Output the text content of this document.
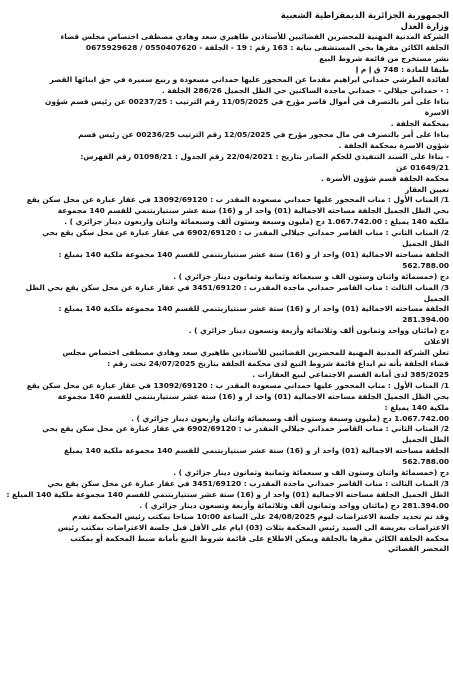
الجمهورية الجزائرية الديمقراطية الشعبية
وزارة العدل
الشركة المدنية المهنية للمحضرين القضائيين للأستاذين طاهيري سعد وهادي مصطفى اختصاص مجلس قضاء
الجلفة الكائن مقرها بحي المستشفى بناية : 163 رقم : 19 - الجلفة - 0550407620 / 0675929628
نشر مستخرج من قائمة شروط البيع
طبقا للمادة : 748 ق إ م إ
لفائدة الطرشي حمداني ابراهيم مقدما عن المحجور عليها حمداني مسعودة و ربيع سميرة في حق ابنائها القصر
: - حمداني جيلالي - حمداني ماجدة الساكنين حي الظل الجميل 286/26 الجلفة .
بناءا على أمر بالتصرف في أموال قاصر مؤرخ في 11/05/2025 رقم الترتيب : 00237/25 عن رئيس قسم شؤون
الاسرة
بمحكمة الجلفة .
بناءا على أمر بالتصرف في مال محجور مؤرخ في 12/05/2025 رقم الترتيب 00236/25 عن رئيس قسم
شؤون الاسرة بمحكمة الجلفة .
- بناءا على السند التنفيذي للحكم الصادر بتاريخ : 22/04/2021 رقم الجدول : 01098/21 رقم الفهرس:
01649/21 عن
محكمة الجلفة قسم شؤون الأسرة .
تعيين العقار
1/ المناب الأول : مناب المحجور عليها حمداني مسعودة المقدر ب : 13092/69120 في عقار عبارة عن محل سكن يقع
بحي الظل الجميل الجلفة مساحته الاجمالية (01) واحد ار و (16) ستة عشر سنتياربتنمي للقسم 140 مجموعة
ملكية 140 يمبلغ : 1.067.742.00 دج (مليون وسبعة وستون ألف وسبعمائة واثنان واربعون دينار جزائري ) .
2/ المناب الثاني : مناب القاصر حمداني جيلالي المقدر ب : 6902/69120 في عقار عبارة عن محل سكن يقع بحي
الظل الجميل
الجلفة مساحته الاجمالية (01) واحد ار و (16) ستة عشر سنتياربتنمي للقسم 140 مجموعة ملكية 140 يمبلغ :
562.788.00
دج (خمسمائة واثنان وستون الف و سبعمائة وثمانية وثمانون دينار جزائري ) .
3/ المناب الثالث : مناب القاصر حمداني ماجدة المقدرب : 3451/69120 في عقار عبارة عن محل سكن يقع بحي الظل
الجميل
الجلفة مساحته الاجمالية (01) واحد ار و (16) ستة عشر سنتياربتنمي للقسم 140 مجموعة ملكية 140 يمبلغ :
281.394.00
دج (مائتان وواحد وثمانون ألف وثلاثمائة وأربعة وتسعون دينار جزائري ) .
الاعلان
تعلن الشركة المدنية المهنية للمحضرين القضائيين للأستاذين طاهيري سعد وهادي مصطفى اختصاص مجلس
قضاء الجلفة بأنه تم ايداع قائمة شروط البيع لدى محكمة الجلفة بتاريخ 24/07/2025 تحت رقم :
385/2025 لدى أمانة القسم الاجتماعي لبيع العقارات .
1/ المناب الأول : مناب المحجور عليها حمداني مسعودة المقدر ب : 13092/69120 في عقار عبارة عن محل سكن يقع
بحي الظل الجميل الجلفة مساحته الاجمالية (01) واحد ار و (16) ستة عشر سنتياربتنمي للقسم 140 مجموعة
ملكية 140 يمبلغ :
1.067.742.00 دج (مليون وسبعة وستون ألف وسبعمائة واثنان واربعون دينار جزائري ) .
2/ المناب الثاني : مناب القاصر حمداني جيلالي المقدر ب : 6902/69120 في عقار عبارة عن محل سكن يقع بحي
الظل الجميل
الجلفة مساحته الاجمالية (01) واحد ار و (16) ستة عشر سنتياربتنمي للقسم 140 مجموعة ملكية 140 يمبلغ
562.788.00
دج (خمسمائة واثنان وستون الف و سبعمائة وثمانية وثمانون دينار جزائري ) .
3/ المناب الثالث : مناب القاصر حمداني ماجدة المقدرب : 3451/69120 في عقار عبارة عن محل سكن يقع بحي
الظل الجميل الجلفة مساحته الاجمالية (01) واحد ار و (16) ستة عشر سنتياربتنمي للقسم 140 مجموعة ملكية 140 المبلغ :
281.394.00 دج (مائتان وواحد وثمانون ألف وثلاثمائة وأربعة وتسعون دينار جزائري ) .
وقد تم تحديد جلسة الاعتراضات ليوم 24/08/2025 على الساعة 10:00 صباحا بمكتب رئيس المحكمة تقدم
الاعتراضات بعريضة الى السيد رئيس المحكمة بثلاث (03) ايام على الأقل قبل جلسة الاعتراضات بمكتب رئيس
محكمة الجلفة الكائن مقرها بالجلفة ويمكن الاطلاع على قائمة شروط البيع بأمانة ضبط المحكمة أو بمكتب
المحضر القضائي
